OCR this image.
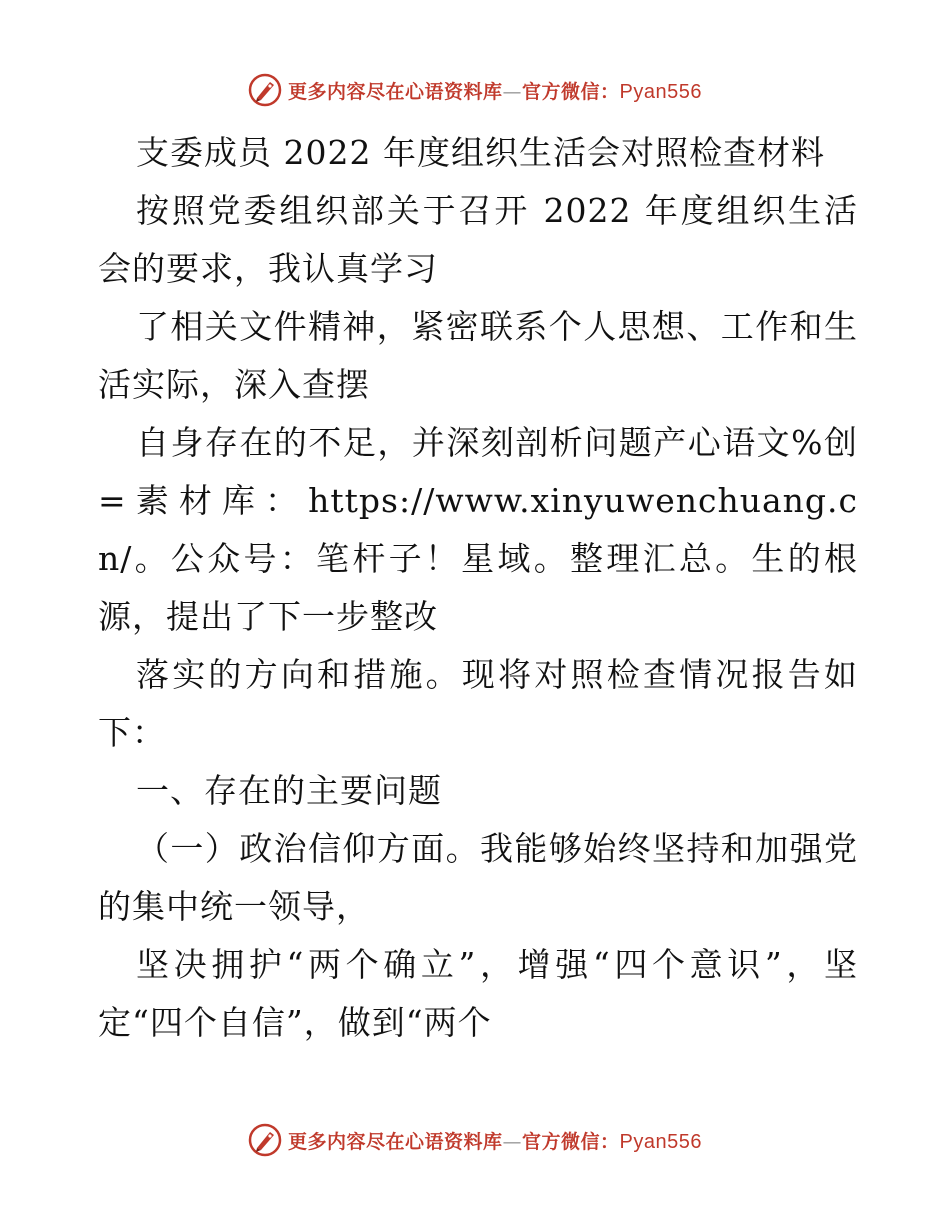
更多内容尽在心语资料库—官方微信：Pyan556

支委成员 2022 年度组织生活会对照检查材料

按照党委组织部关于召开 2022 年度组织生活会的要求，我认真学习

了相关文件精神，紧密联系个人思想、工作和生活实际，深入查摆

自身存在的不足，并深刻剖析问题产心语文%创=素材库：https://www.xinyuwenchuang.cn/。公众号：笔杆子！星域。整理汇总。生的根源，提出了下一步整改

落实的方向和措施。现将对照检查情况报告如下：

一、存在的主要问题

（一）政治信仰方面。我能够始终坚持和加强党的集中统一领导，

坚决拥护“两个确立”，增强“四个意识”，坚定“四个自信”，做到“两个

更多内容尽在心语资料库—官方微信：Pyan556
